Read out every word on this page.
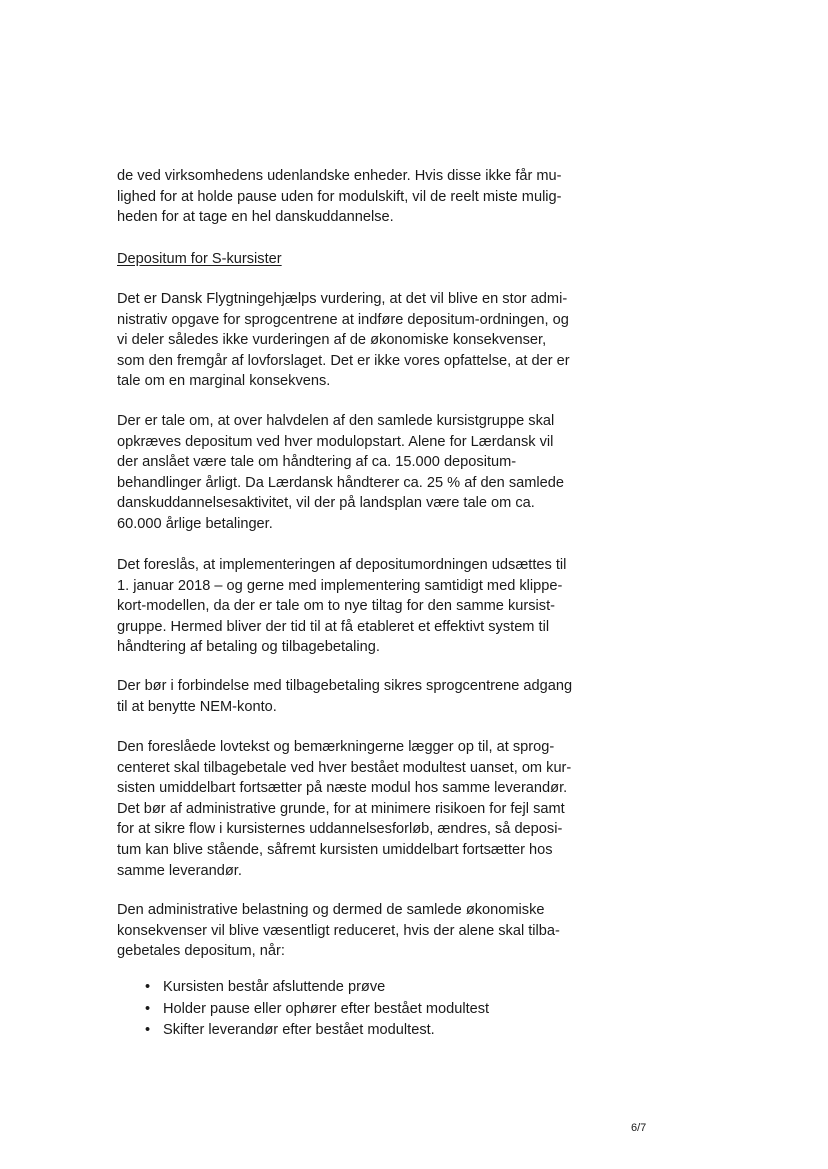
de ved virksomhedens udenlandske enheder. Hvis disse ikke får mu-
lighed for at holde pause uden for modulskift, vil de reelt miste mulig-
heden for at tage en hel danskuddannelse.

Depositum for S-kursister

Det er Dansk Flygtningehjælps vurdering, at det vil blive en stor admi-
nistrativ opgave for sprogcentrene at indføre depositum-ordningen, og
vi deler således ikke vurderingen af de økonomiske konsekvenser,
som den fremgår af lovforslaget. Det er ikke vores opfattelse, at der er
tale om en marginal konsekvens.

Der er tale om, at over halvdelen af den samlede kursistgruppe skal
opkræves depositum ved hver modulopstart. Alene for Lærdansk vil
der anslået være tale om håndtering af ca. 15.000 depositum-
behandlinger årligt. Da Lærdansk håndterer ca. 25 % af den samlede
danskuddannelsesaktivitet, vil der på landsplan være tale om ca.
60.000 årlige betalinger.

Det foreslås, at implementeringen af depositumordningen udsættes til
1. januar 2018 – og gerne med implementering samtidigt med klippe-
kort-modellen, da der er tale om to nye tiltag for den samme kursist-
gruppe. Hermed bliver der tid til at få etableret et effektivt system til
håndtering af betaling og tilbagebetaling.

Der bør i forbindelse med tilbagebetaling sikres sprogcentrene adgang
til at benytte NEM-konto.

Den foreslåede lovtekst og bemærkningerne lægger op til, at sprog-
centeret skal tilbagebetale ved hver bestået modultest uanset, om kur-
sisten umiddelbart fortsætter på næste modul hos samme leverandør.
Det bør af administrative grunde, for at minimere risikoen for fejl samt
for at sikre flow i kursisternes uddannelsesforløb, ændres, så deposi-
tum kan blive stående, såfremt kursisten umiddelbart fortsætter hos
samme leverandør.

Den administrative belastning og dermed de samlede økonomiske
konsekvenser vil blive væsentligt reduceret, hvis der alene skal tilba-
gebetales depositum, når:

• Kursisten består afsluttende prøve
• Holder pause eller ophører efter bestået modultest
• Skifter leverandør efter bestået modultest.
6/7
